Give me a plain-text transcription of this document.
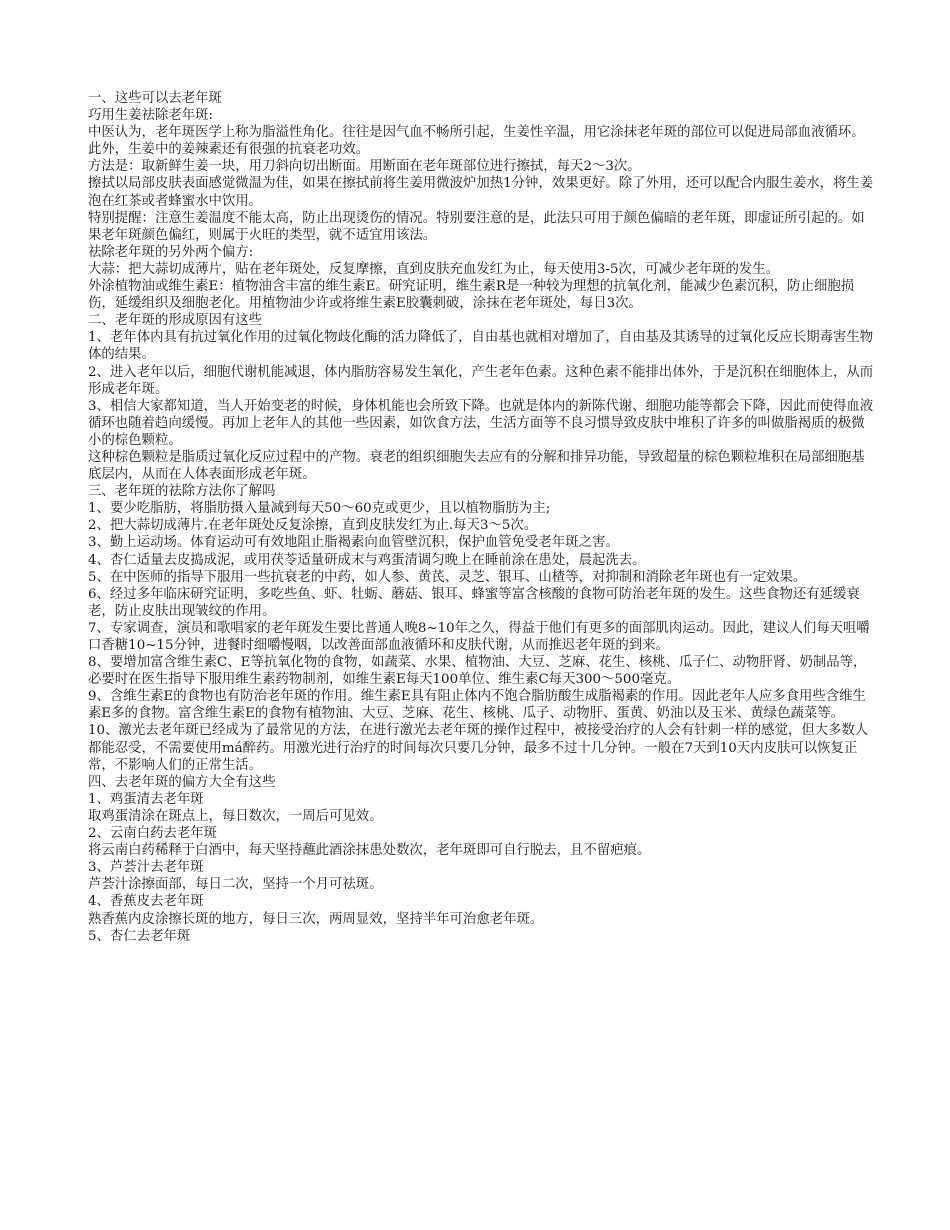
一、这些可以去老年斑

巧用生姜祛除老年斑:

中医认为，老年斑医学上称为脂溢性角化。往往是因气血不畅所引起，生姜性辛温，用它涂抹老年斑的部位可以促进局部血液循环。此外，生姜中的姜辣素还有很强的抗衰老功效。

方法是：取新鲜生姜一块，用刀斜向切出断面。用断面在老年斑部位进行擦拭，每天2～3次。

擦拭以局部皮肤表面感觉微温为佳，如果在擦拭前将生姜用微波炉加热1分钟，效果更好。除了外用，还可以配合内服生姜水，将生姜泡在红茶或者蜂蜜水中饮用。

特别提醒：注意生姜温度不能太高，防止出现烫伤的情况。特别要注意的是，此法只可用于颜色偏暗的老年斑，即虚证所引起的。如果老年斑颜色偏红，则属于火旺的类型，就不适宜用该法。

祛除老年斑的另外两个偏方:

大蒜：把大蒜切成薄片，贴在老年斑处，反复摩擦，直到皮肤充血发红为止，每天使用3-5次，可减少老年斑的发生。

外涂植物油或维生素E：植物油含丰富的维生素E。研究证明，维生素R是一种较为理想的抗氧化剂，能减少色素沉积，防止细胞损伤，延缓组织及细胞老化。用植物油少许或将维生素E胶囊刺破，涂抹在老年斑处，每日3次。

二、老年斑的形成原因有这些

1、老年体内具有抗过氧化作用的过氧化物歧化酶的活力降低了，自由基也就相对增加了，自由基及其诱导的过氧化反应长期毒害生物体的结果。

2、进入老年以后，细胞代谢机能减退，体内脂肪容易发生氧化，产生老年色素。这种色素不能排出体外，于是沉积在细胞体上，从而形成老年斑。

3、相信大家都知道，当人开始变老的时候，身体机能也会所致下降。也就是体内的新陈代谢、细胞功能等都会下降，因此而使得血液循环也随着趋向缓慢。再加上老年人的其他一些因素，如饮食方法，生活方面等不良习惯导致皮肤中堆积了许多的叫做脂褐质的极微小的棕色颗粒。

这种棕色颗粒是脂质过氧化反应过程中的产物。衰老的组织细胞失去应有的分解和排异功能，导致超量的棕色颗粒堆积在局部细胞基底层内，从而在人体表面形成老年斑。

三、老年斑的祛除方法你了解吗

1、要少吃脂肪，将脂肪摄入量减到每天50～60克或更少，且以植物脂肪为主;

2、把大蒜切成薄片.在老年斑处反复涂擦，直到皮肤发红为止.每天3～5次。

3、勤上运动场。体育运动可有效地阻止脂褐素向血管壁沉积，保护血管免受老年斑之害。

4、杏仁适量去皮捣成泥，或用茯苓适量研成末与鸡蛋清调匀晚上在睡前涂在患处，晨起洗去。

5、在中医师的指导下服用一些抗衰老的中药，如人参、黄芪、灵芝、银耳、山楂等，对抑制和消除老年斑也有一定效果。

6、经过多年临床研究证明，多吃些鱼、虾、牡蛎、蘑菇、银耳、蜂蜜等富含核酸的食物可防治老年斑的发生。这些食物还有延缓衰老，防止皮肤出现皱纹的作用。

7、专家调查，演员和歌唱家的老年斑发生要比普通人晚8~10年之久，得益于他们有更多的面部肌肉运动。因此，建议人们每天咀嚼口香糖10~15分钟，进餐时细嚼慢咽，以改善面部血液循环和皮肤代谢，从而推迟老年斑的到来。

8、要增加富含维生素C、E等抗氧化物的食物，如蔬菜、水果、植物油、大豆、芝麻、花生、核桃、瓜子仁、动物肝肾、奶制品等，必要时在医生指导下服用维生素药物制剂，如维生素E每天100单位、维生素C每天300～500毫克。

9、含维生素E的食物也有防治老年斑的作用。维生素E具有阻止体内不饱合脂肪酸生成脂褐素的作用。因此老年人应多食用些含维生素E多的食物。富含维生素E的食物有植物油、大豆、芝麻、花生、核桃、瓜子、动物肝、蛋黄、奶油以及玉米、黄绿色蔬菜等。

10、激光去老年斑已经成为了最常见的方法，在进行激光去老年斑的操作过程中，被接受治疗的人会有针刺一样的感觉，但大多数人都能忍受，不需要使用má醉药。用激光进行治疗的时间每次只要几分钟，最多不过十几分钟。一般在7天到10天内皮肤可以恢复正常，不影响人们的正常生活。

四、去老年斑的偏方大全有这些

1、鸡蛋清去老年斑

取鸡蛋清涂在斑点上，每日数次，一周后可见效。

2、云南白药去老年斑

将云南白药稀释于白酒中，每天坚持蘸此酒涂抹患处数次，老年斑即可自行脱去，且不留疤痕。

3、芦荟汁去老年斑

芦荟汁涂擦面部，每日二次，坚持一个月可祛斑。

4、香蕉皮去老年斑

熟香蕉内皮涂擦长斑的地方，每日三次，两周显效，坚持半年可治愈老年斑。

5、杏仁去老年斑
